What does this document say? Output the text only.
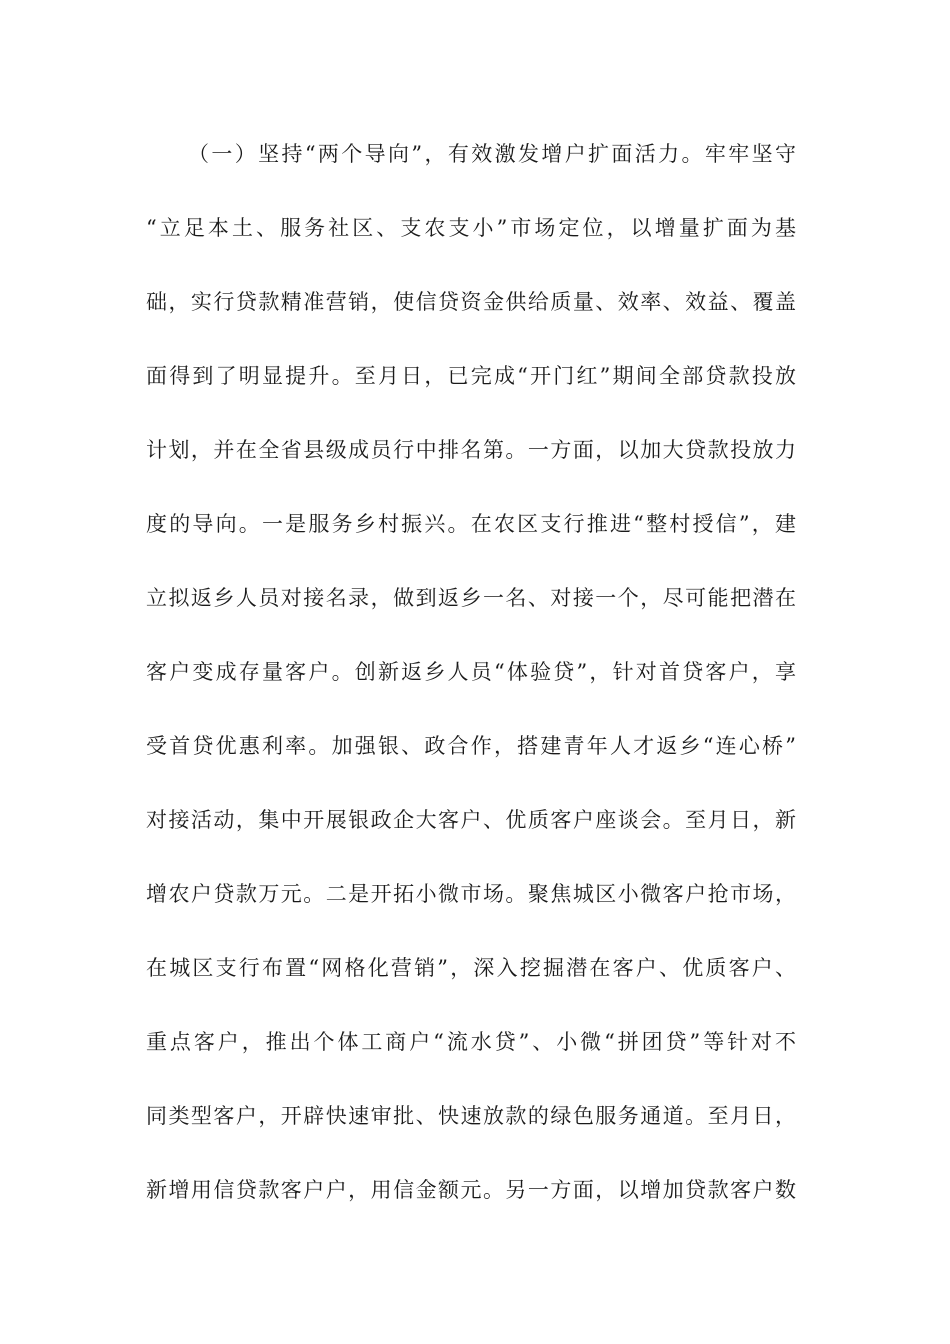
（一）坚持“两个导向”，有效激发增户扩面活力。牢牢坚守
“立足本土、服务社区、支农支小”市场定位，以增量扩面为基
础，实行贷款精准营销，使信贷资金供给质量、效率、效益、覆盖
面得到了明显提升。至月日，已完成“开门红”期间全部贷款投放
计划，并在全省县级成员行中排名第。一方面，以加大贷款投放力
度的导向。一是服务乡村振兴。在农区支行推进“整村授信”，建
立拟返乡人员对接名录，做到返乡一名、对接一个，尽可能把潜在
客户变成存量客户。创新返乡人员“体验贷”，针对首贷客户，享
受首贷优惠利率。加强银、政合作，搭建青年人才返乡“连心桥”
对接活动，集中开展银政企大客户、优质客户座谈会。至月日，新
增农户贷款万元。二是开拓小微市场。聚焦城区小微客户抢市场，
在城区支行布置“网格化营销”，深入挖掘潜在客户、优质客户、
重点客户，推出个体工商户“流水贷”、小微“拼团贷”等针对不
同类型客户，开辟快速审批、快速放款的绿色服务通道。至月日，
新增用信贷款客户户，用信金额元。另一方面，以增加贷款客户数
